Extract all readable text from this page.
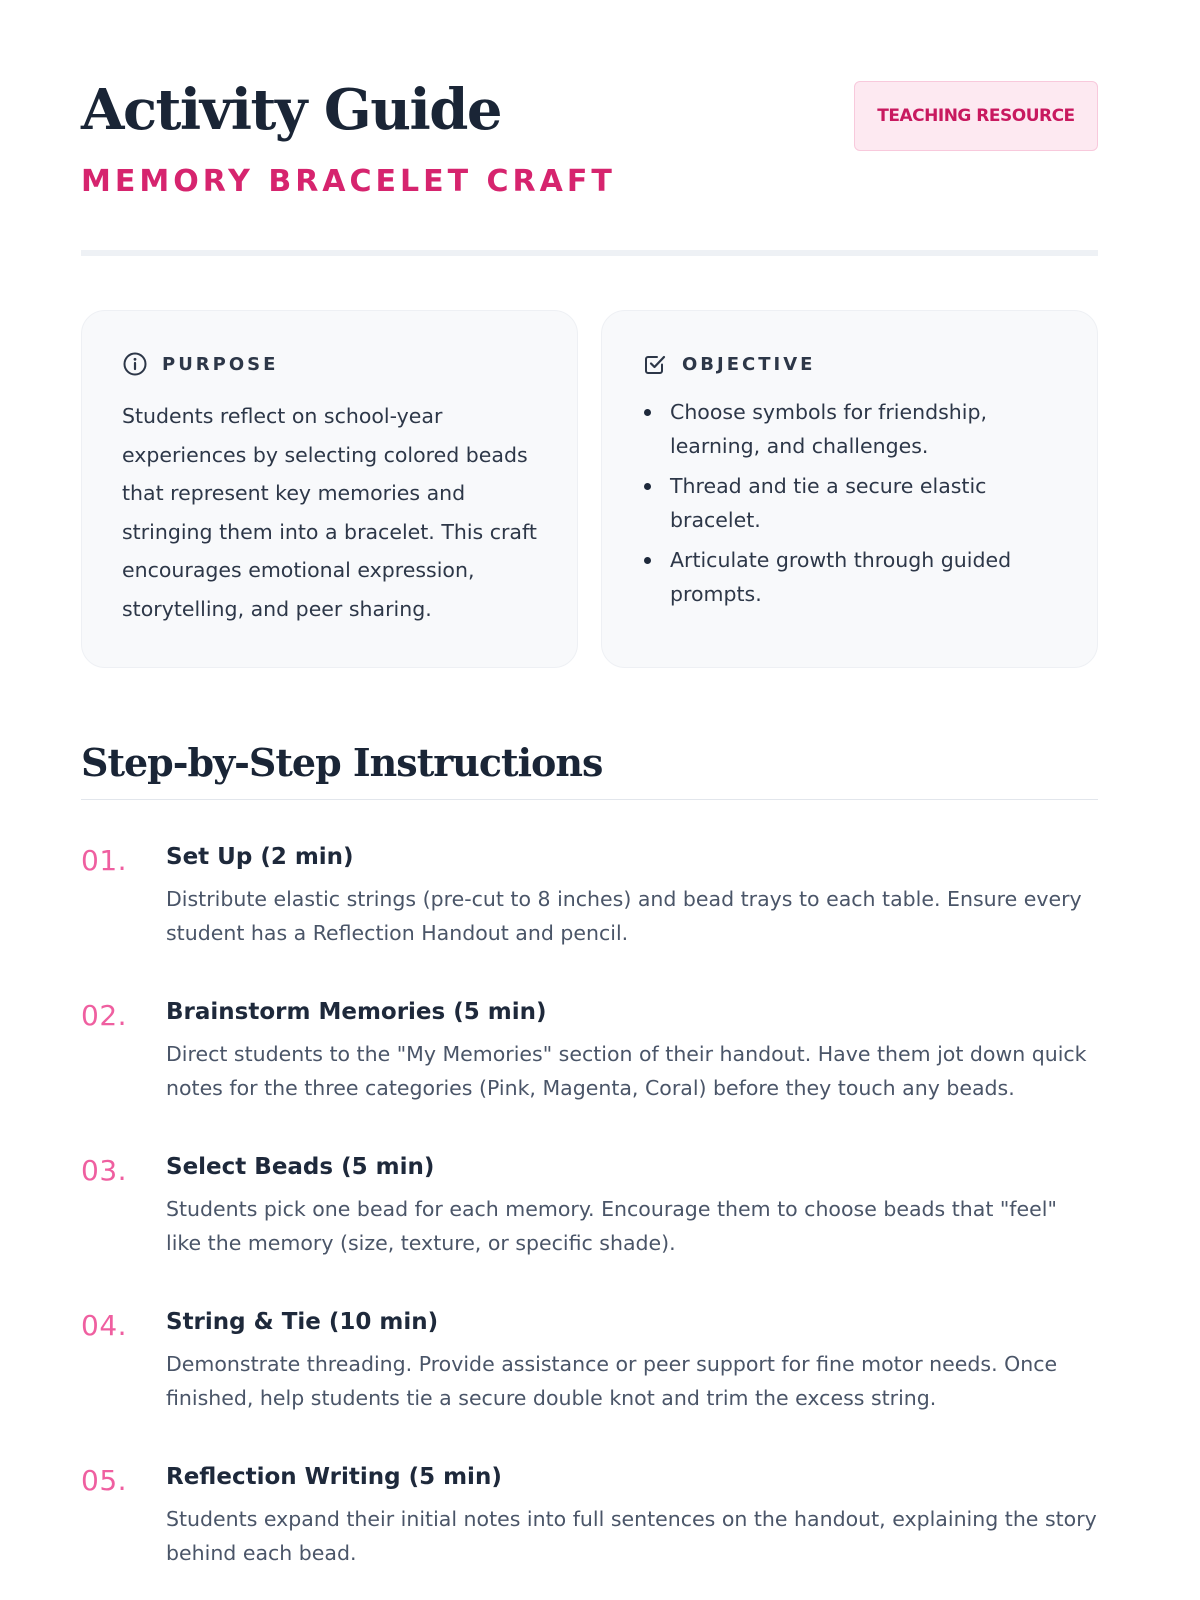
Activity Guide
MEMORY BRACELET CRAFT
TEACHING RESOURCE
PURPOSE

Students reflect on school-year experiences by selecting colored beads that represent key memories and stringing them into a bracelet. This craft encourages emotional expression, storytelling, and peer sharing.

OBJECTIVE
Choose symbols for friendship, learning, and challenges.
Thread and tie a secure elastic bracelet.
Articulate growth through guided prompts.
Step-by-Step Instructions
01. Set Up (2 min)
Distribute elastic strings (pre-cut to 8 inches) and bead trays to each table. Ensure every student has a Reflection Handout and pencil.
02. Brainstorm Memories (5 min)
Direct students to the "My Memories" section of their handout. Have them jot down quick notes for the three categories (Pink, Magenta, Coral) before they touch any beads.
03. Select Beads (5 min)
Students pick one bead for each memory. Encourage them to choose beads that "feel" like the memory (size, texture, or specific shade).
04. String & Tie (10 min)
Demonstrate threading. Provide assistance or peer support for fine motor needs. Once finished, help students tie a secure double knot and trim the excess string.
05. Reflection Writing (5 min)
Students expand their initial notes into full sentences on the handout, explaining the story behind each bead.
